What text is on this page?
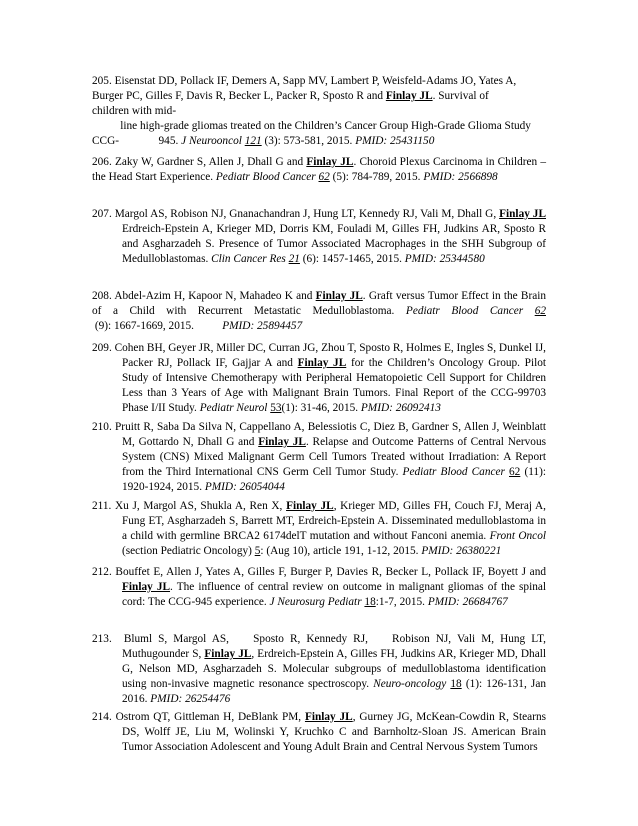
205. Eisenstat DD, Pollack IF, Demers A, Sapp MV, Lambert P, Weisfeld-Adams JO, Yates A,
Burger PC, Gilles F, Davis R, Becker L, Packer R, Sposto R and Finlay JL. Survival of
children with mid-
line high-grade gliomas treated on the Children’s Cancer Group High-Grade Glioma Study
CCG-              945. J Neurooncol 121 (3): 573-581, 2015. PMID: 25431150
206. Zaky W, Gardner S, Allen J, Dhall G and Finlay JL. Choroid Plexus Carcinoma in Children – the Head Start Experience. Pediatr Blood Cancer 62 (5): 784-789, 2015. PMID: 2566898
207. Margol AS, Robison NJ, Gnanachandran J, Hung LT, Kennedy RJ, Vali M, Dhall G, Finlay JL Erdreich-Epstein A, Krieger MD, Dorris KM, Fouladi M, Gilles FH, Judkins AR, Sposto R and Asgharzadeh S. Presence of Tumor Associated Macrophages in the SHH Subgroup of Medulloblastomas. Clin Cancer Res 21 (6): 1457-1465, 2015. PMID: 25344580
208. Abdel-Azim H, Kapoor N, Mahadeo K and Finlay JL. Graft versus Tumor Effect in the Brain of a Child with Recurrent Metastatic Medulloblastoma. Pediatr Blood Cancer 62 (9): 1667-1669, 2015.          PMID: 25894457
209. Cohen BH, Geyer JR, Miller DC, Curran JG, Zhou T, Sposto R, Holmes E, Ingles S, Dunkel IJ, Packer RJ, Pollack IF, Gajjar A and Finlay JL for the Children’s Oncology Group. Pilot Study of Intensive Chemotherapy with Peripheral Hematopoietic Cell Support for Children Less than 3 Years of Age with Malignant Brain Tumors. Final Report of the CCG-99703 Phase I/II Study. Pediatr Neurol 53(1): 31-46, 2015. PMID: 26092413
210. Pruitt R, Saba Da Silva N, Cappellano A, Belessiotis C, Diez B, Gardner S, Allen J, Weinblatt M, Gottardo N, Dhall G and Finlay JL. Relapse and Outcome Patterns of Central Nervous System (CNS) Mixed Malignant Germ Cell Tumors Treated without Irradiation: A Report from the Third International CNS Germ Cell Tumor Study. Pediatr Blood Cancer 62 (11): 1920-1924, 2015. PMID: 26054044
211. Xu J, Margol AS, Shukla A, Ren X, Finlay JL, Krieger MD, Gilles FH, Couch FJ, Meraj A, Fung ET, Asgharzadeh S, Barrett MT, Erdreich-Epstein A. Disseminated medulloblastoma in a child with germline BRCA2 6174delT mutation and without Fanconi anemia. Front Oncol (section Pediatric Oncology) 5: (Aug 10), article 191, 1-12, 2015. PMID: 26380221
212. Bouffet E, Allen J, Yates A, Gilles F, Burger P, Davies R, Becker L, Pollack IF, Boyett J and Finlay JL. The influence of central review on outcome in malignant gliomas of the spinal cord: The CCG-945 experience. J Neurosurg Pediatr 18:1-7, 2015. PMID: 26684767
213.  Bluml S, Margol AS,    Sposto R, Kennedy RJ,    Robison NJ, Vali M, Hung LT, Muthugounder S, Finlay JL, Erdreich-Epstein A, Gilles FH, Judkins AR, Krieger MD, Dhall G, Nelson MD, Asgharzadeh S. Molecular subgroups of medulloblastoma identification using non-invasive magnetic resonance spectroscopy. Neuro-oncology 18 (1): 126-131, Jan 2016. PMID: 26254476
214. Ostrom QT, Gittleman H, DeBlank PM, Finlay JL, Gurney JG, McKean-Cowdin R, Stearns DS, Wolff JE, Liu M, Wolinski Y, Kruchko C and Barnholtz-Sloan JS. American Brain Tumor Association Adolescent and Young Adult Brain and Central Nervous System Tumors
